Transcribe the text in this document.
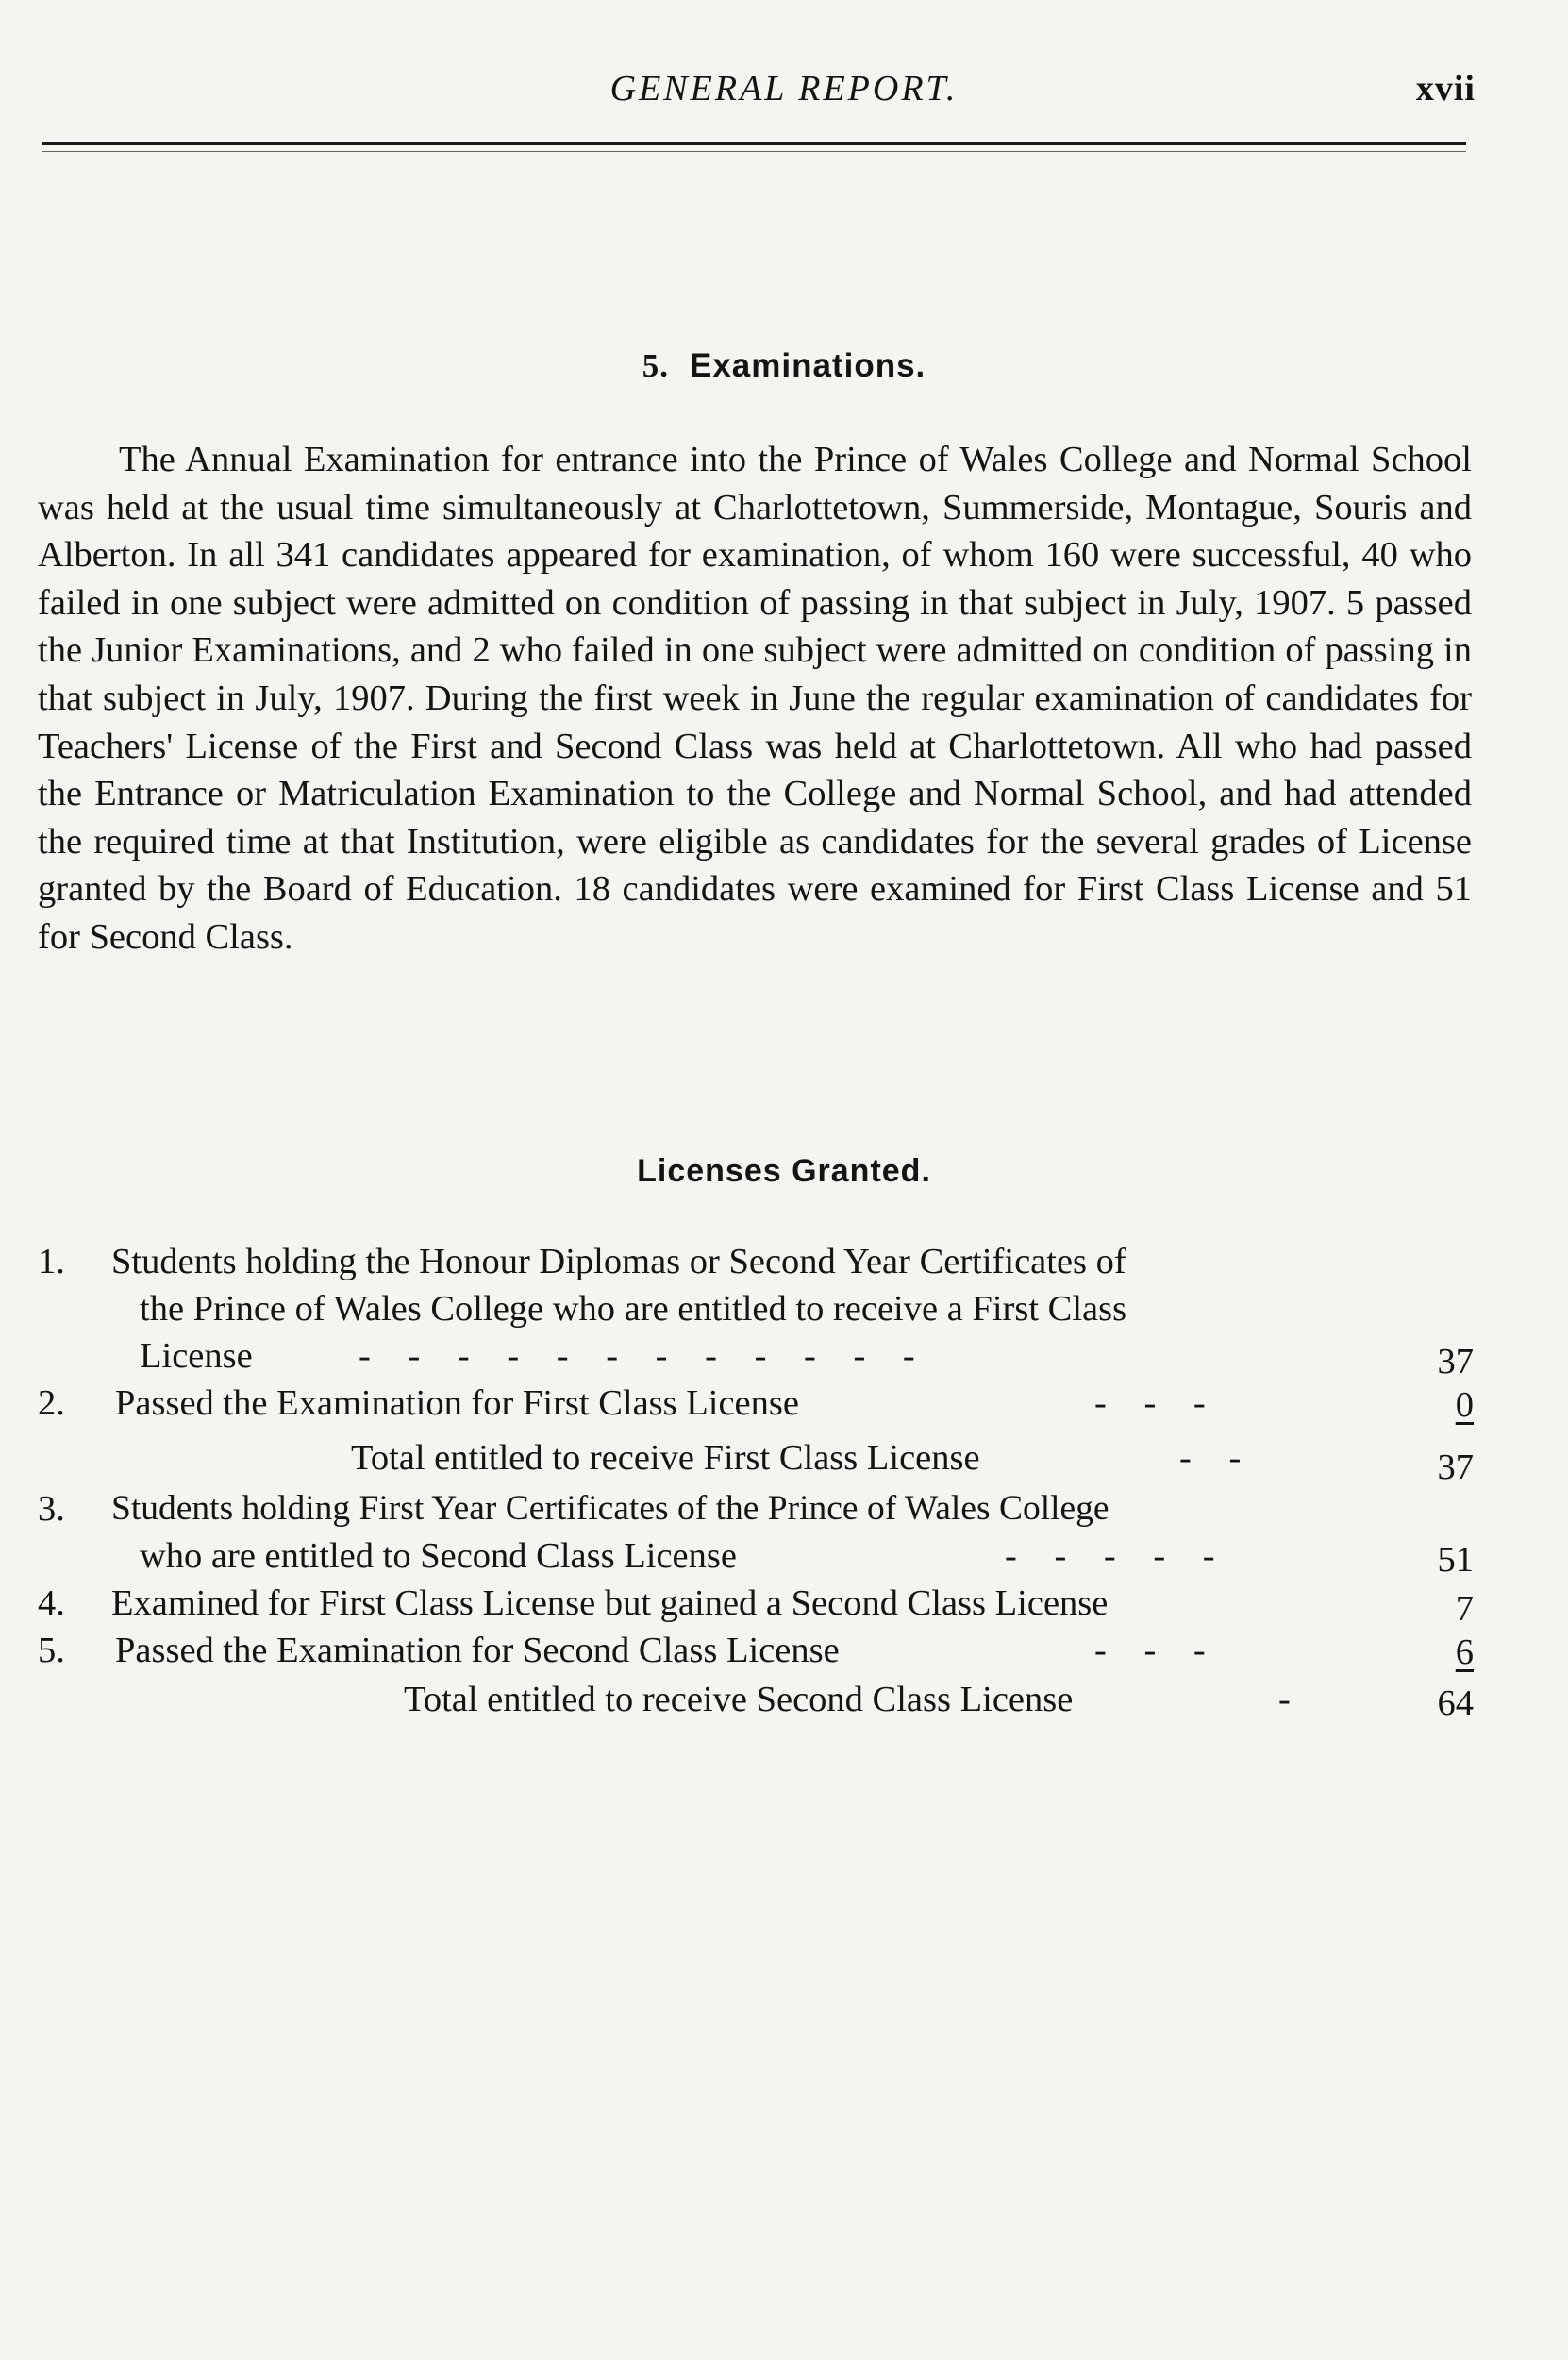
GENERAL REPORT.	xvii
5. Examinations.

The Annual Examination for entrance into the Prince of Wales College and Normal School was held at the usual time simultaneously at Charlottetown, Summerside, Montague, Souris and Alberton. In all 341 candidates appeared for examination, of whom 160 were successful, 40 who failed in one subject were admitted on condition of passing in that subject in July, 1907. 5 passed the Junior Examinations, and 2 who failed in one subject were admitted on condition of passing in that subject in July, 1907. During the first week in June the regular examination of candidates for Teachers' License of the First and Second Class was held at Charlottetown. All who had passed the Entrance or Matriculation Examination to the College and Normal School, and had attended the required time at that Institution, were eligible as candidates for the several grades of License granted by the Board of Education. 18 candidates were examined for First Class License and 51 for Second Class.

Licenses Granted.
1. Students holding the Honour Diplomas or Second Year Certificates of
the Prince of Wales College who are entitled to receive a First Class
License	- - - - - - - - - - - -	37
2. Passed the Examination for First Class License	- - -	0
Total entitled to receive First Class License	- -	37
3. Students holding First Year Certificates of the Prince of Wales College
who are entitled to Second Class License	- - - - -	51
4. Examined for First Class License but gained a Second Class License	7
5. Passed the Examination for Second Class License	- - -	6
Total entitled to receive Second Class License	-	64
